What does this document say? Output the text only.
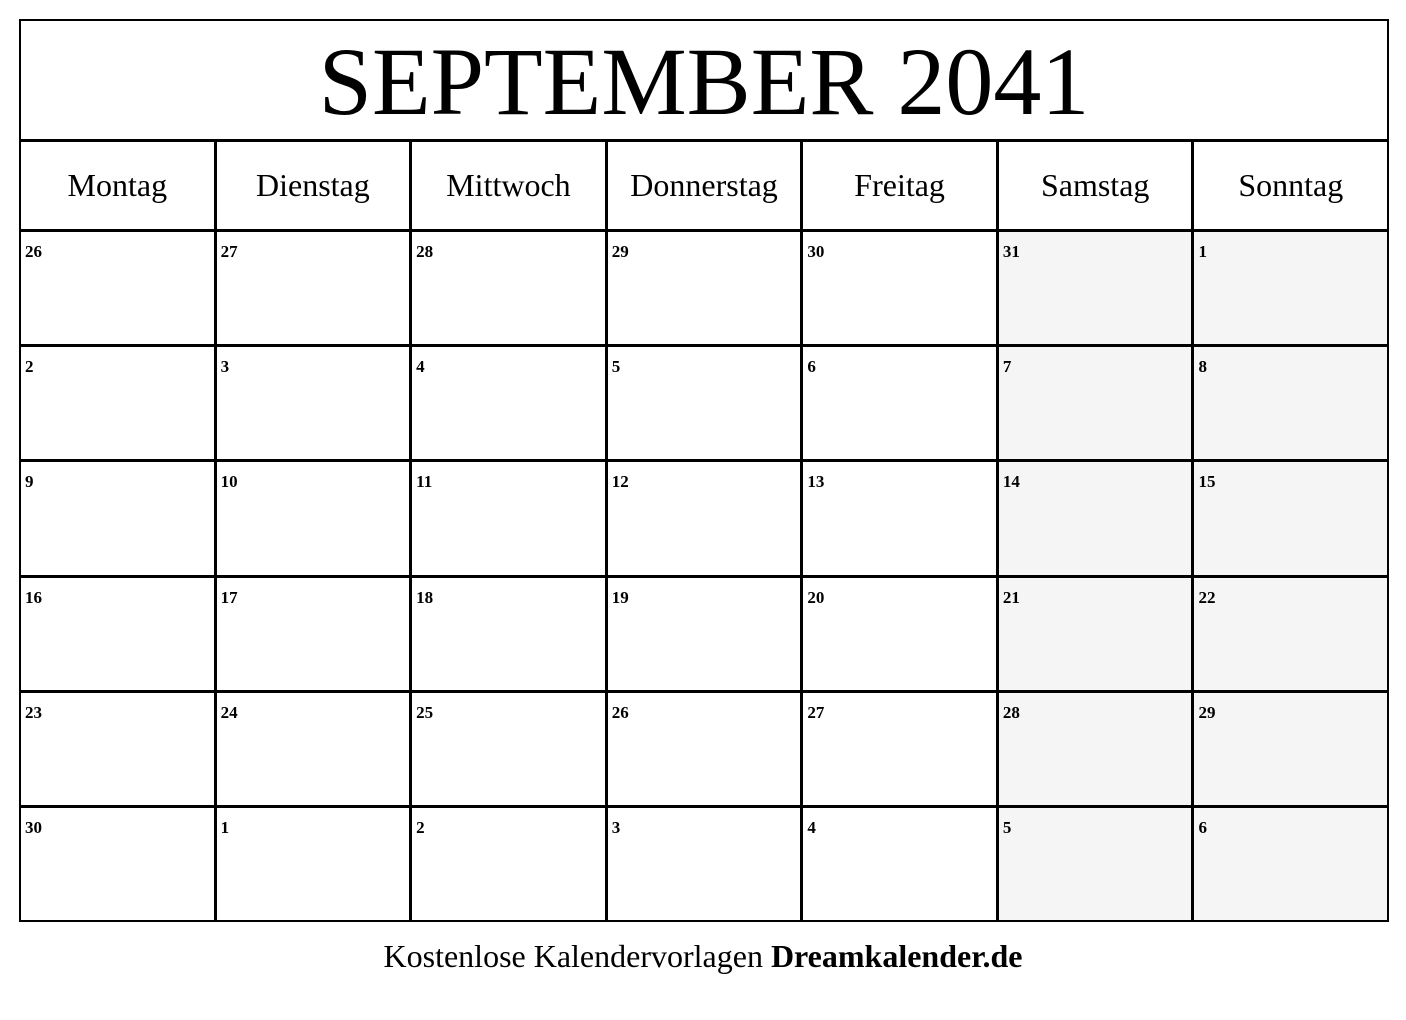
SEPTEMBER 2041
Montag	Dienstag	Mittwoch	Donnerstag	Freitag	Samstag	Sonntag
26	27	28	29	30	31	1
2	3	4	5	6	7	8
9	10	11	12	13	14	15
16	17	18	19	20	21	22
23	24	25	26	27	28	29
30	1	2	3	4	5	6
Kostenlose Kalendervorlagen Dreamkalender.de
